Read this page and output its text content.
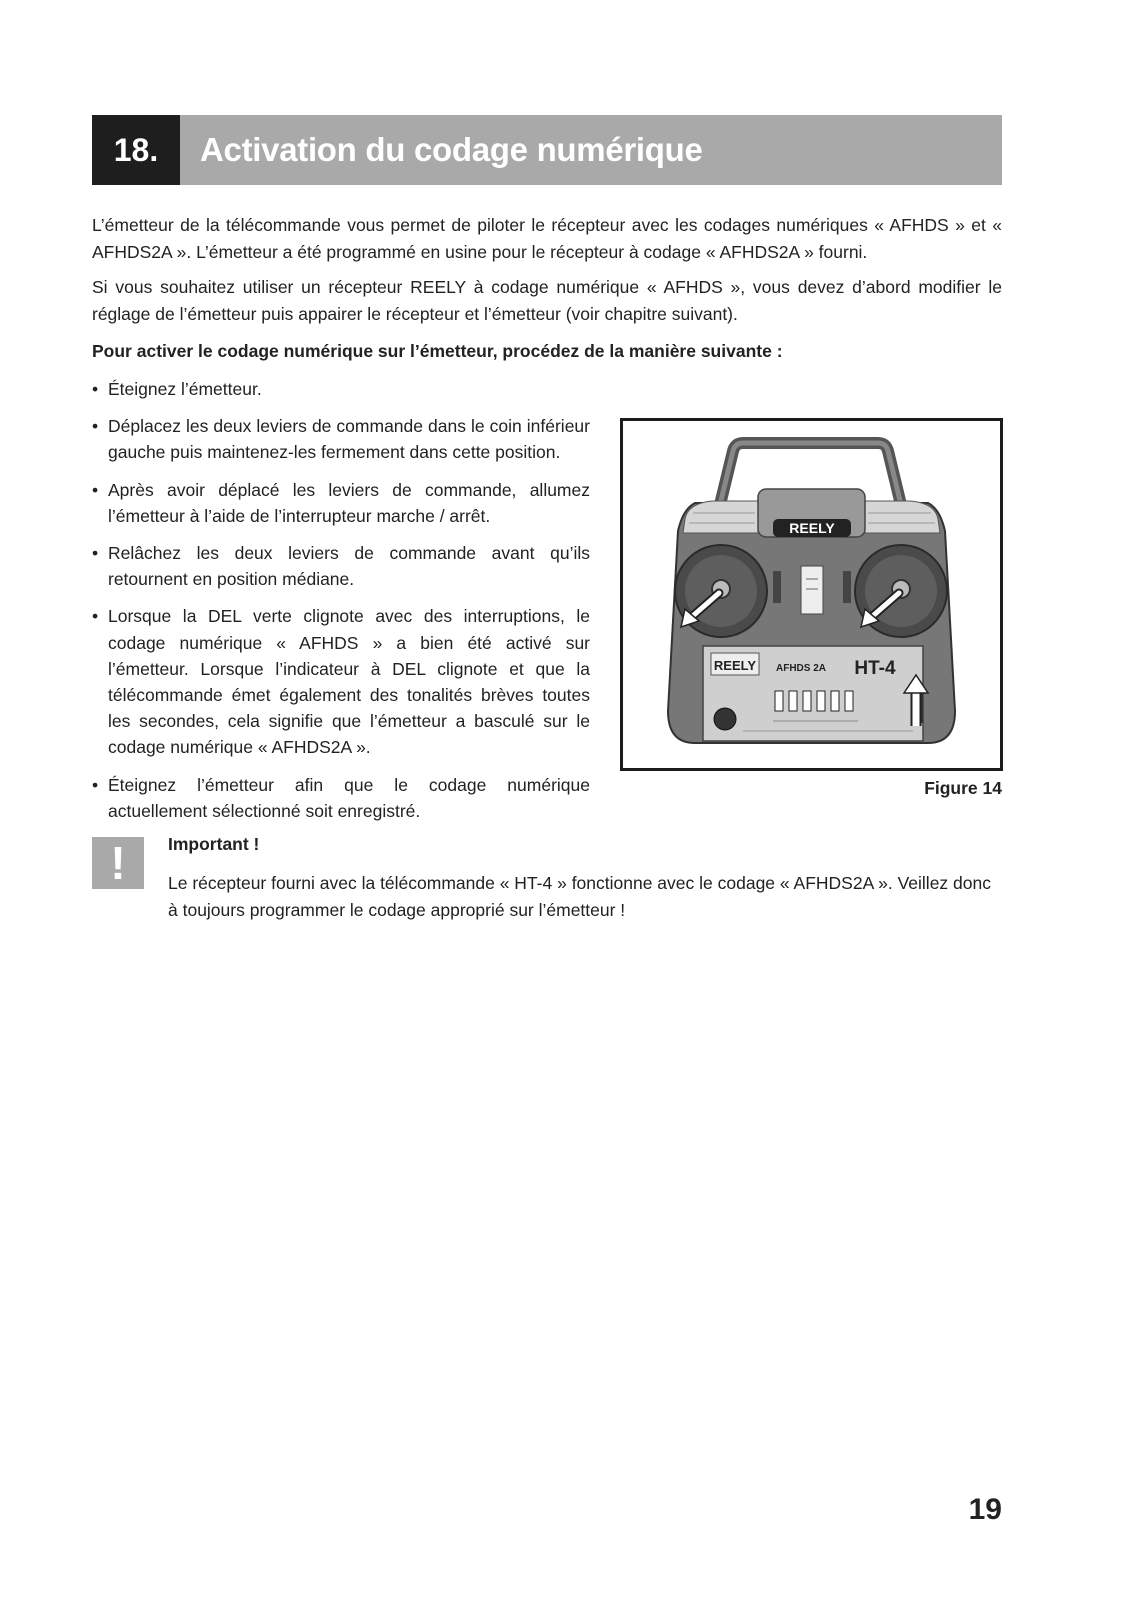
18.	Activation du codage numérique

L’émetteur de la télécommande vous permet de piloter le récepteur avec les codages numériques « AFHDS » et « AFHDS2A ». L’émetteur a été programmé en usine pour le récepteur à codage « AFHDS2A » fourni.

Si vous souhaitez utiliser un récepteur REELY à codage numérique « AFHDS », vous devez d’abord modifier le réglage de l’émetteur puis appairer le récepteur et l’émetteur (voir chapitre suivant).

Pour activer le codage numérique sur l’émetteur, procédez de la manière suivante :

• Éteignez l’émetteur.
• Déplacez les deux leviers de commande dans le coin inférieur gauche puis maintenez-les fermement dans cette position.
• Après avoir déplacé les leviers de commande, allumez l’émetteur à l’aide de l’interrupteur marche / arrêt.
• Relâchez les deux leviers de commande avant qu’ils retournent en position médiane.
• Lorsque la DEL verte clignote avec des interruptions, le codage numérique « AFHDS » a bien été activé sur l’émetteur. Lorsque l’indicateur à DEL clignote et que la télécommande émet également des tonalités brèves toutes les secondes, cela signifie que l’émetteur a basculé sur le codage numérique « AFHDS2A ».
• Éteignez l’émetteur afin que le codage numérique actuellement sélectionné soit enregistré.
REELY
REELY AFHDS 2A HT-4
Figure 14
!	Important !

Le récepteur fourni avec la télécommande « HT-4 » fonctionne avec le codage « AFHDS2A ». Veillez donc à toujours programmer le codage approprié sur l’émetteur !

19
